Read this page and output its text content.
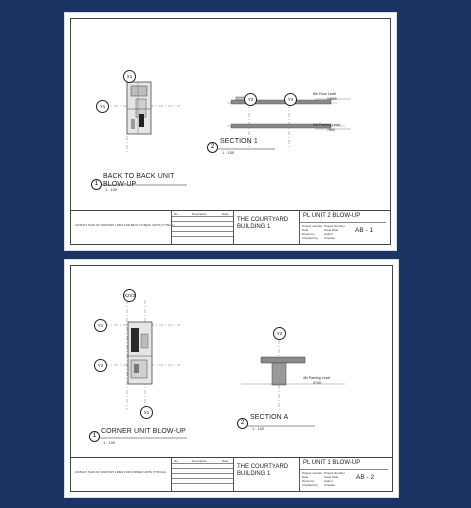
X1
Y1
Y2	Y4
6th Floor Level
19800
3rd Parking Level
7800
1
BACK TO BACK UNIT BLOW-UP
1 : 100
2
SECTION 1
1 : 100
AS BUILT PLAN OF SANITARY LINES FOR BACK TO BACK UNITS (TYPICAL)
No.	Description	Date
THE COURTYARD BUILDING 1
PL UNIT 2 BLOW-UP
Project number Project Number
Date	Issue Date
Drawn by	Author
Checked by Checker
AB - 1
X2X3
Y1
Y2
X1
Y2
4th Parking Level
9700
1
CORNER UNIT BLOW-UP
1 : 100
2
SECTION A
1 : 100
AS BUILT PLAN OF SANITARY LINES FOR CORNER UNITS (TYPICAL)
No.	Description	Date
THE COURTYARD BUILDING 1
PL UNIT 1 BLOW-UP
Project number Project Number
Date	Issue Date
Drawn by	Author
Checked by Checker
AB - 2
